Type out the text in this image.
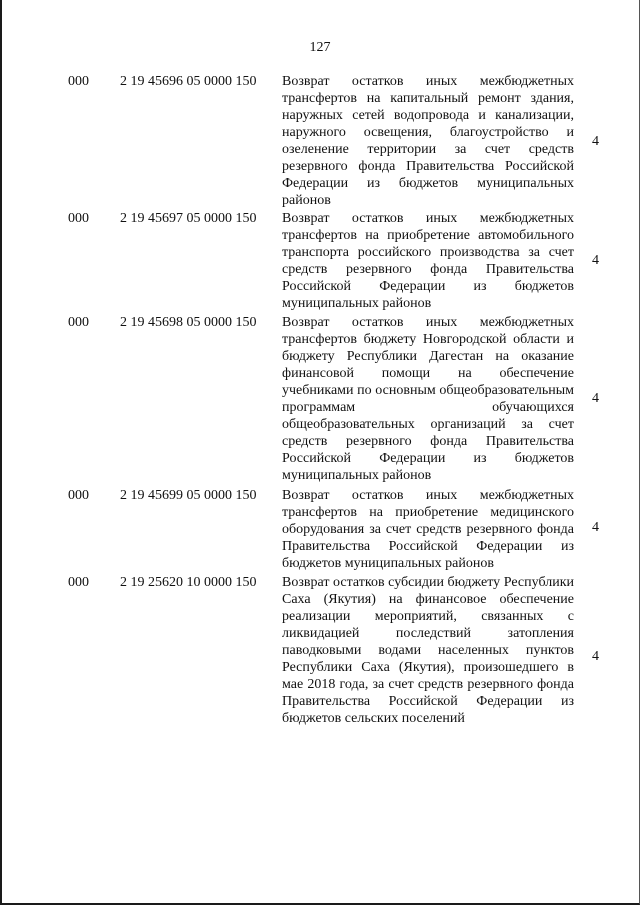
127
000 2 19 45696 05 0000 150 Возврат остатков иных межбюджетных трансфертов на капитальный ремонт здания, наружных сетей водопровода и канализации, наружного освещения, благоустройство и озеленение территории за счет средств резервного фонда Правительства Российской Федерации из бюджетов муниципальных районов
4
000 2 19 45697 05 0000 150 Возврат остатков иных межбюджетных трансфертов на приобретение автомобильного транспорта российского производства за счет средств резервного фонда Правительства Российской Федерации из бюджетов муниципальных районов
4
000 2 19 45698 05 0000 150 Возврат остатков иных межбюджетных трансфертов бюджету Новгородской области и бюджету Республики Дагестан на оказание финансовой помощи на обеспечение учебниками по основным общеобразовательным программам обучающихся общеобразовательных организаций за счет средств резервного фонда Правительства Российской Федерации из бюджетов муниципальных районов
4
000 2 19 45699 05 0000 150 Возврат остатков иных межбюджетных трансфертов на приобретение медицинского оборудования за счет средств резервного фонда Правительства Российской Федерации из бюджетов муниципальных районов
4
000 2 19 25620 10 0000 150 Возврат остатков субсидии бюджету Республики Саха (Якутия) на финансовое обеспечение реализации мероприятий, связанных с ликвидацией последствий затопления паводковыми водами населенных пунктов Республики Саха (Якутия), произошедшего в мае 2018 года, за счет средств резервного фонда Правительства Российской Федерации из бюджетов сельских поселений
4
